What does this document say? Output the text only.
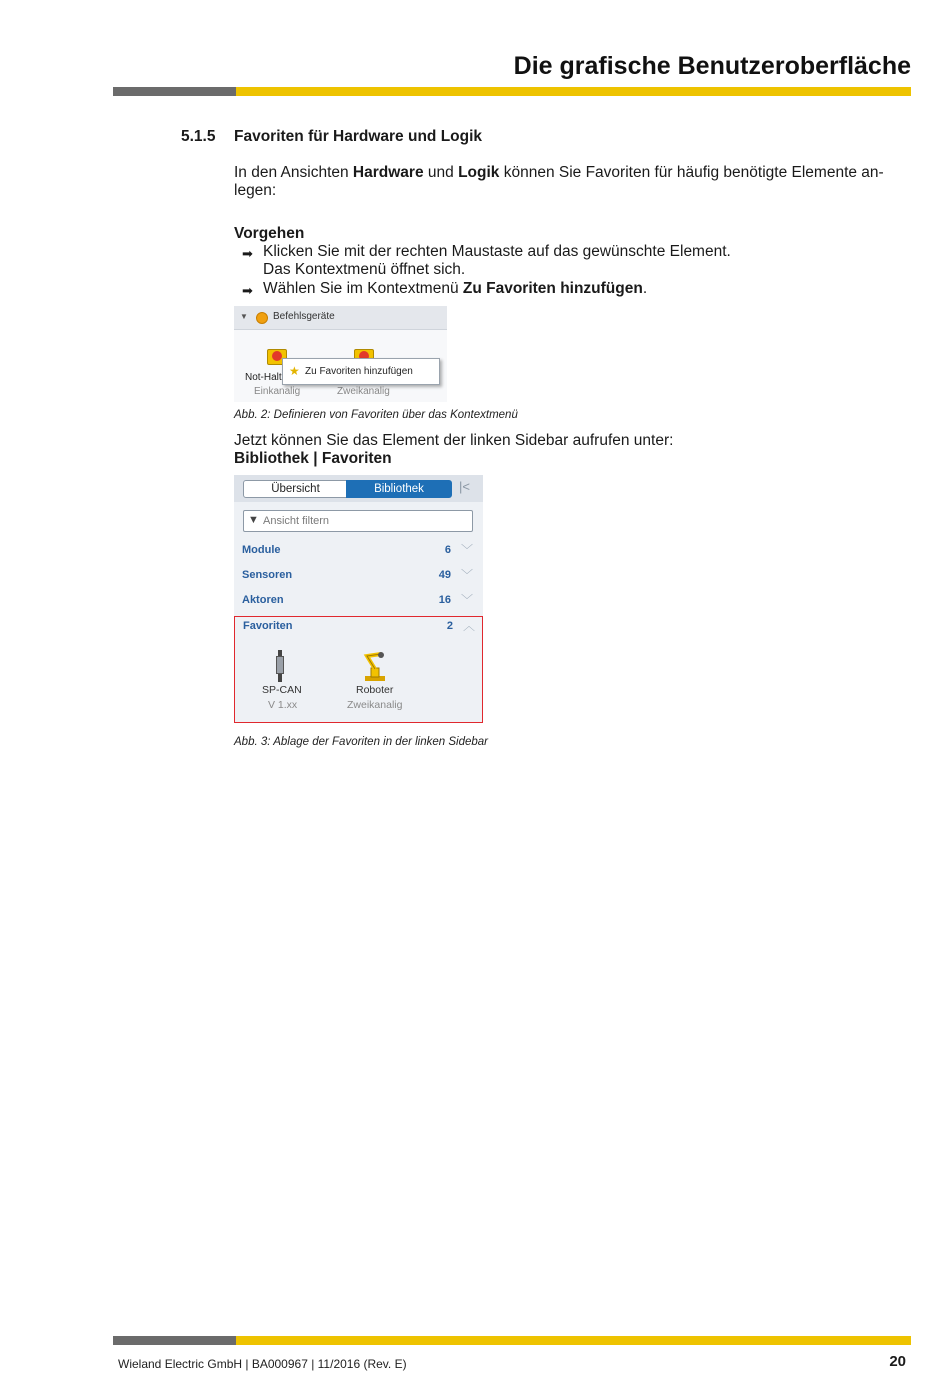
Die grafische Benutzeroberfläche
5.1.5 Favoriten für Hardware und Logik
In den Ansichten Hardware und Logik können Sie Favoriten für häufig benötigte Elemente an-
legen:
Vorgehen
➡ Klicken Sie mit der rechten Maustaste auf das gewünschte Element.
Das Kontextmenü öffnet sich.
➡ Wählen Sie im Kontextmenü Zu Favoriten hinzufügen.
▼	Befehlsgeräte
Not-Halt
Einkanalig	Zweikanalig
★ Zu Favoriten hinzufügen
Abb. 2: Definieren von Favoriten über das Kontextmenü
Jetzt können Sie das Element der linken Sidebar aufrufen unter:
Bibliothek | Favoriten
Übersicht	Bibliothek	|<
▼ Ansicht filtern
Module	6 ﹀
Sensoren	49 ﹀
Aktoren	16 ﹀
Favoriten	2 ︿
SP-CAN
V 1.xx
Roboter
Zweikanalig
Abb. 3: Ablage der Favoriten in der linken Sidebar
Wieland Electric GmbH | BA000967 | 11/2016 (Rev. E)	20
